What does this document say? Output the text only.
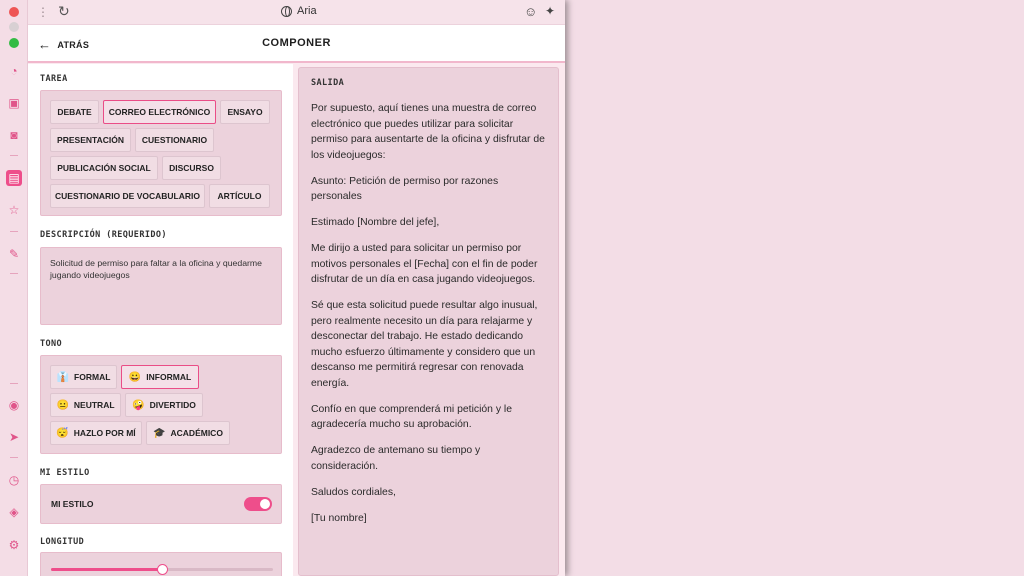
◔
▣
◙
▤
☆
✎
◉
➤
◷
◈
⚙
⋮ ↻	Aria	☺ ✦
← ATRÁS	COMPONER
TAREA
DEBATE	CORREO ELECTRÓNICO	ENSAYO
PRESENTACIÓN	CUESTIONARIO
PUBLICACIÓN SOCIAL	DISCURSO
CUESTIONARIO DE VOCABULARIO	ARTÍCULO
DESCRIPCIÓN (REQUERIDO)
Solicitud de permiso para faltar a la oficina y quedarme jugando videojuegos
TONO
👔 FORMAL 😀 INFORMAL
😐 NEUTRAL 🤪 DIVERTIDO
😴 HAZLO POR MÍ 🎓 ACADÉMICO
MI ESTILO
MI ESTILO
LONGITUD
SALIDA

Por supuesto, aquí tienes una muestra de correo electrónico que puedes utilizar para solicitar permiso para ausentarte de la oficina y disfrutar de los videojuegos:

Asunto: Petición de permiso por razones personales

Estimado [Nombre del jefe],

Me dirijo a usted para solicitar un permiso por motivos personales el [Fecha] con el fin de poder disfrutar de un día en casa jugando videojuegos.

Sé que esta solicitud puede resultar algo inusual, pero realmente necesito un día para relajarme y desconectar del trabajo. He estado dedicando mucho esfuerzo últimamente y considero que un descanso me permitirá regresar con renovada energía.

Confío en que comprenderá mi petición y le agradecería mucho su aprobación.

Agradezco de antemano su tiempo y consideración.

Saludos cordiales,

[Tu nombre]
